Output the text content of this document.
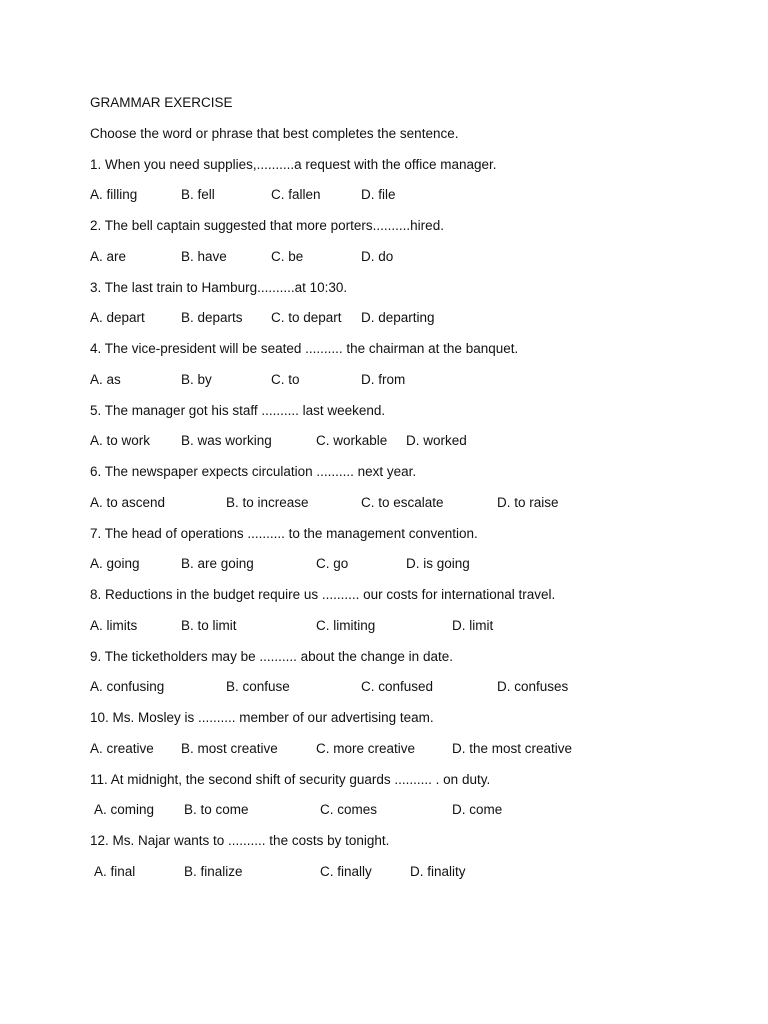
GRAMMAR EXERCISE
Choose the word or phrase that best completes the sentence.
1. When you need supplies,..........a request with the office manager.
A. filling	B. fell	C. fallen	D. file
2. The bell captain suggested that more porters..........hired.
A. are	B. have	C. be	D. do
3. The last train to Hamburg..........at 10:30.
A. depart	B. departs C. to depart D. departing
4. The vice-president will be seated .......... the chairman at the banquet.
A. as	B. by	C. to	D. from
5. The manager got his staff .......... last weekend.
A. to work B. was working	C. workable D. worked
6. The newspaper expects circulation .......... next year.
A. to ascend	B. to increase	C. to escalate	D. to raise
7. The head of operations .......... to the management convention.
A. going	B. are going	C. go	D. is going
8. Reductions in the budget require us .......... our costs for international travel.
A. limits	B. to limit	C. limiting	D. limit
9. The ticketholders may be .......... about the change in date.
A. confusing	B. confuse	C. confused	D. confuses
10. Ms. Mosley is .......... member of our advertising team.
A. creative B. most creative	C. more creative	D. the most creative
11. At midnight, the second shift of security guards .......... . on duty.
A. coming B. to come	C. comes	D. come
12. Ms. Najar wants to .......... the costs by tonight.
A. final	B. finalize	C. finally	D. finality
